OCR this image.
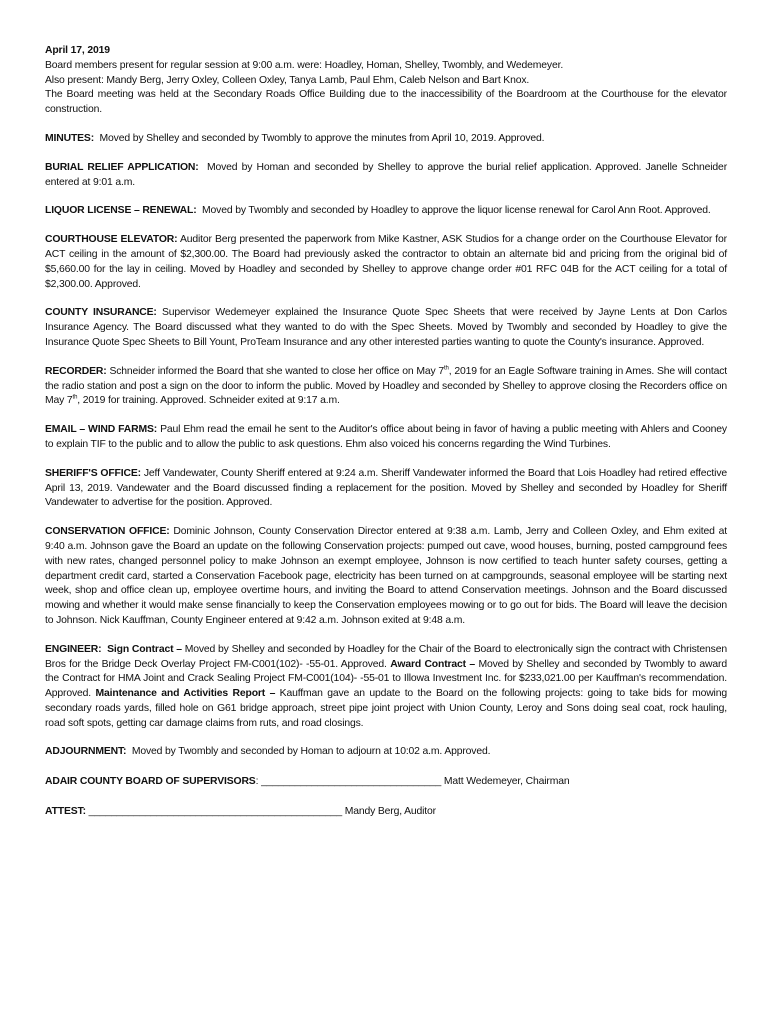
April 17, 2019

Board members present for regular session at 9:00 a.m. were: Hoadley, Homan, Shelley, Twombly, and Wedemeyer.
Also present: Mandy Berg, Jerry Oxley, Colleen Oxley, Tanya Lamb, Paul Ehm, Caleb Nelson and Bart Knox.
The Board meeting was held at the Secondary Roads Office Building due to the inaccessibility of the Boardroom at the Courthouse for the elevator construction.

MINUTES: Moved by Shelley and seconded by Twombly to approve the minutes from April 10, 2019. Approved.

BURIAL RELIEF APPLICATION: Moved by Homan and seconded by Shelley to approve the burial relief application. Approved. Janelle Schneider entered at 9:01 a.m.

LIQUOR LICENSE – RENEWAL: Moved by Twombly and seconded by Hoadley to approve the liquor license renewal for Carol Ann Root. Approved.

COURTHOUSE ELEVATOR: Auditor Berg presented the paperwork from Mike Kastner, ASK Studios for a change order on the Courthouse Elevator for ACT ceiling in the amount of $2,300.00. The Board had previously asked the contractor to obtain an alternate bid and pricing from the original bid of $5,660.00 for the lay in ceiling. Moved by Hoadley and seconded by Shelley to approve change order #01 RFC 04B for the ACT ceiling for a total of $2,300.00. Approved.

COUNTY INSURANCE: Supervisor Wedemeyer explained the Insurance Quote Spec Sheets that were received by Jayne Lents at Don Carlos Insurance Agency. The Board discussed what they wanted to do with the Spec Sheets. Moved by Twombly and seconded by Hoadley to give the Insurance Quote Spec Sheets to Bill Yount, ProTeam Insurance and any other interested parties wanting to quote the County's insurance. Approved.

RECORDER: Schneider informed the Board that she wanted to close her office on May 7th, 2019 for an Eagle Software training in Ames. She will contact the radio station and post a sign on the door to inform the public. Moved by Hoadley and seconded by Shelley to approve closing the Recorders office on May 7th, 2019 for training. Approved. Schneider exited at 9:17 a.m.

EMAIL – WIND FARMS: Paul Ehm read the email he sent to the Auditor's office about being in favor of having a public meeting with Ahlers and Cooney to explain TIF to the public and to allow the public to ask questions. Ehm also voiced his concerns regarding the Wind Turbines.

SHERIFF'S OFFICE: Jeff Vandewater, County Sheriff entered at 9:24 a.m. Sheriff Vandewater informed the Board that Lois Hoadley had retired effective April 13, 2019. Vandewater and the Board discussed finding a replacement for the position. Moved by Shelley and seconded by Hoadley for Sheriff Vandewater to advertise for the position. Approved.

CONSERVATION OFFICE: Dominic Johnson, County Conservation Director entered at 9:38 a.m. Lamb, Jerry and Colleen Oxley, and Ehm exited at 9:40 a.m. Johnson gave the Board an update on the following Conservation projects: pumped out cave, wood houses, burning, posted campground fees with new rates, changed personnel policy to make Johnson an exempt employee, Johnson is now certified to teach hunter safety courses, getting a department credit card, started a Conservation Facebook page, electricity has been turned on at campgrounds, seasonal employee will be starting next week, shop and office clean up, employee overtime hours, and inviting the Board to attend Conservation meetings. Johnson and the Board discussed mowing and whether it would make sense financially to keep the Conservation employees mowing or to go out for bids. The Board will leave the decision to Johnson. Nick Kauffman, County Engineer entered at 9:42 a.m. Johnson exited at 9:48 a.m.

ENGINEER: Sign Contract – Moved by Shelley and seconded by Hoadley for the Chair of the Board to electronically sign the contract with Christensen Bros for the Bridge Deck Overlay Project FM-C001(102)- -55-01. Approved. Award Contract – Moved by Shelley and seconded by Twombly to award the Contract for HMA Joint and Crack Sealing Project FM-C001(104)- -55-01 to Illowa Investment Inc. for $233,021.00 per Kauffman's recommendation. Approved. Maintenance and Activities Report – Kauffman gave an update to the Board on the following projects: going to take bids for mowing secondary roads yards, filled hole on G61 bridge approach, street pipe joint project with Union County, Leroy and Sons doing seal coat, rock hauling, road soft spots, getting car damage claims from ruts, and road closings.

ADJOURNMENT: Moved by Twombly and seconded by Homan to adjourn at 10:02 a.m. Approved.

ADAIR COUNTY BOARD OF SUPERVISORS: ________________________________ Matt Wedemeyer, Chairman

ATTEST: _____________________________________________ Mandy Berg, Auditor
